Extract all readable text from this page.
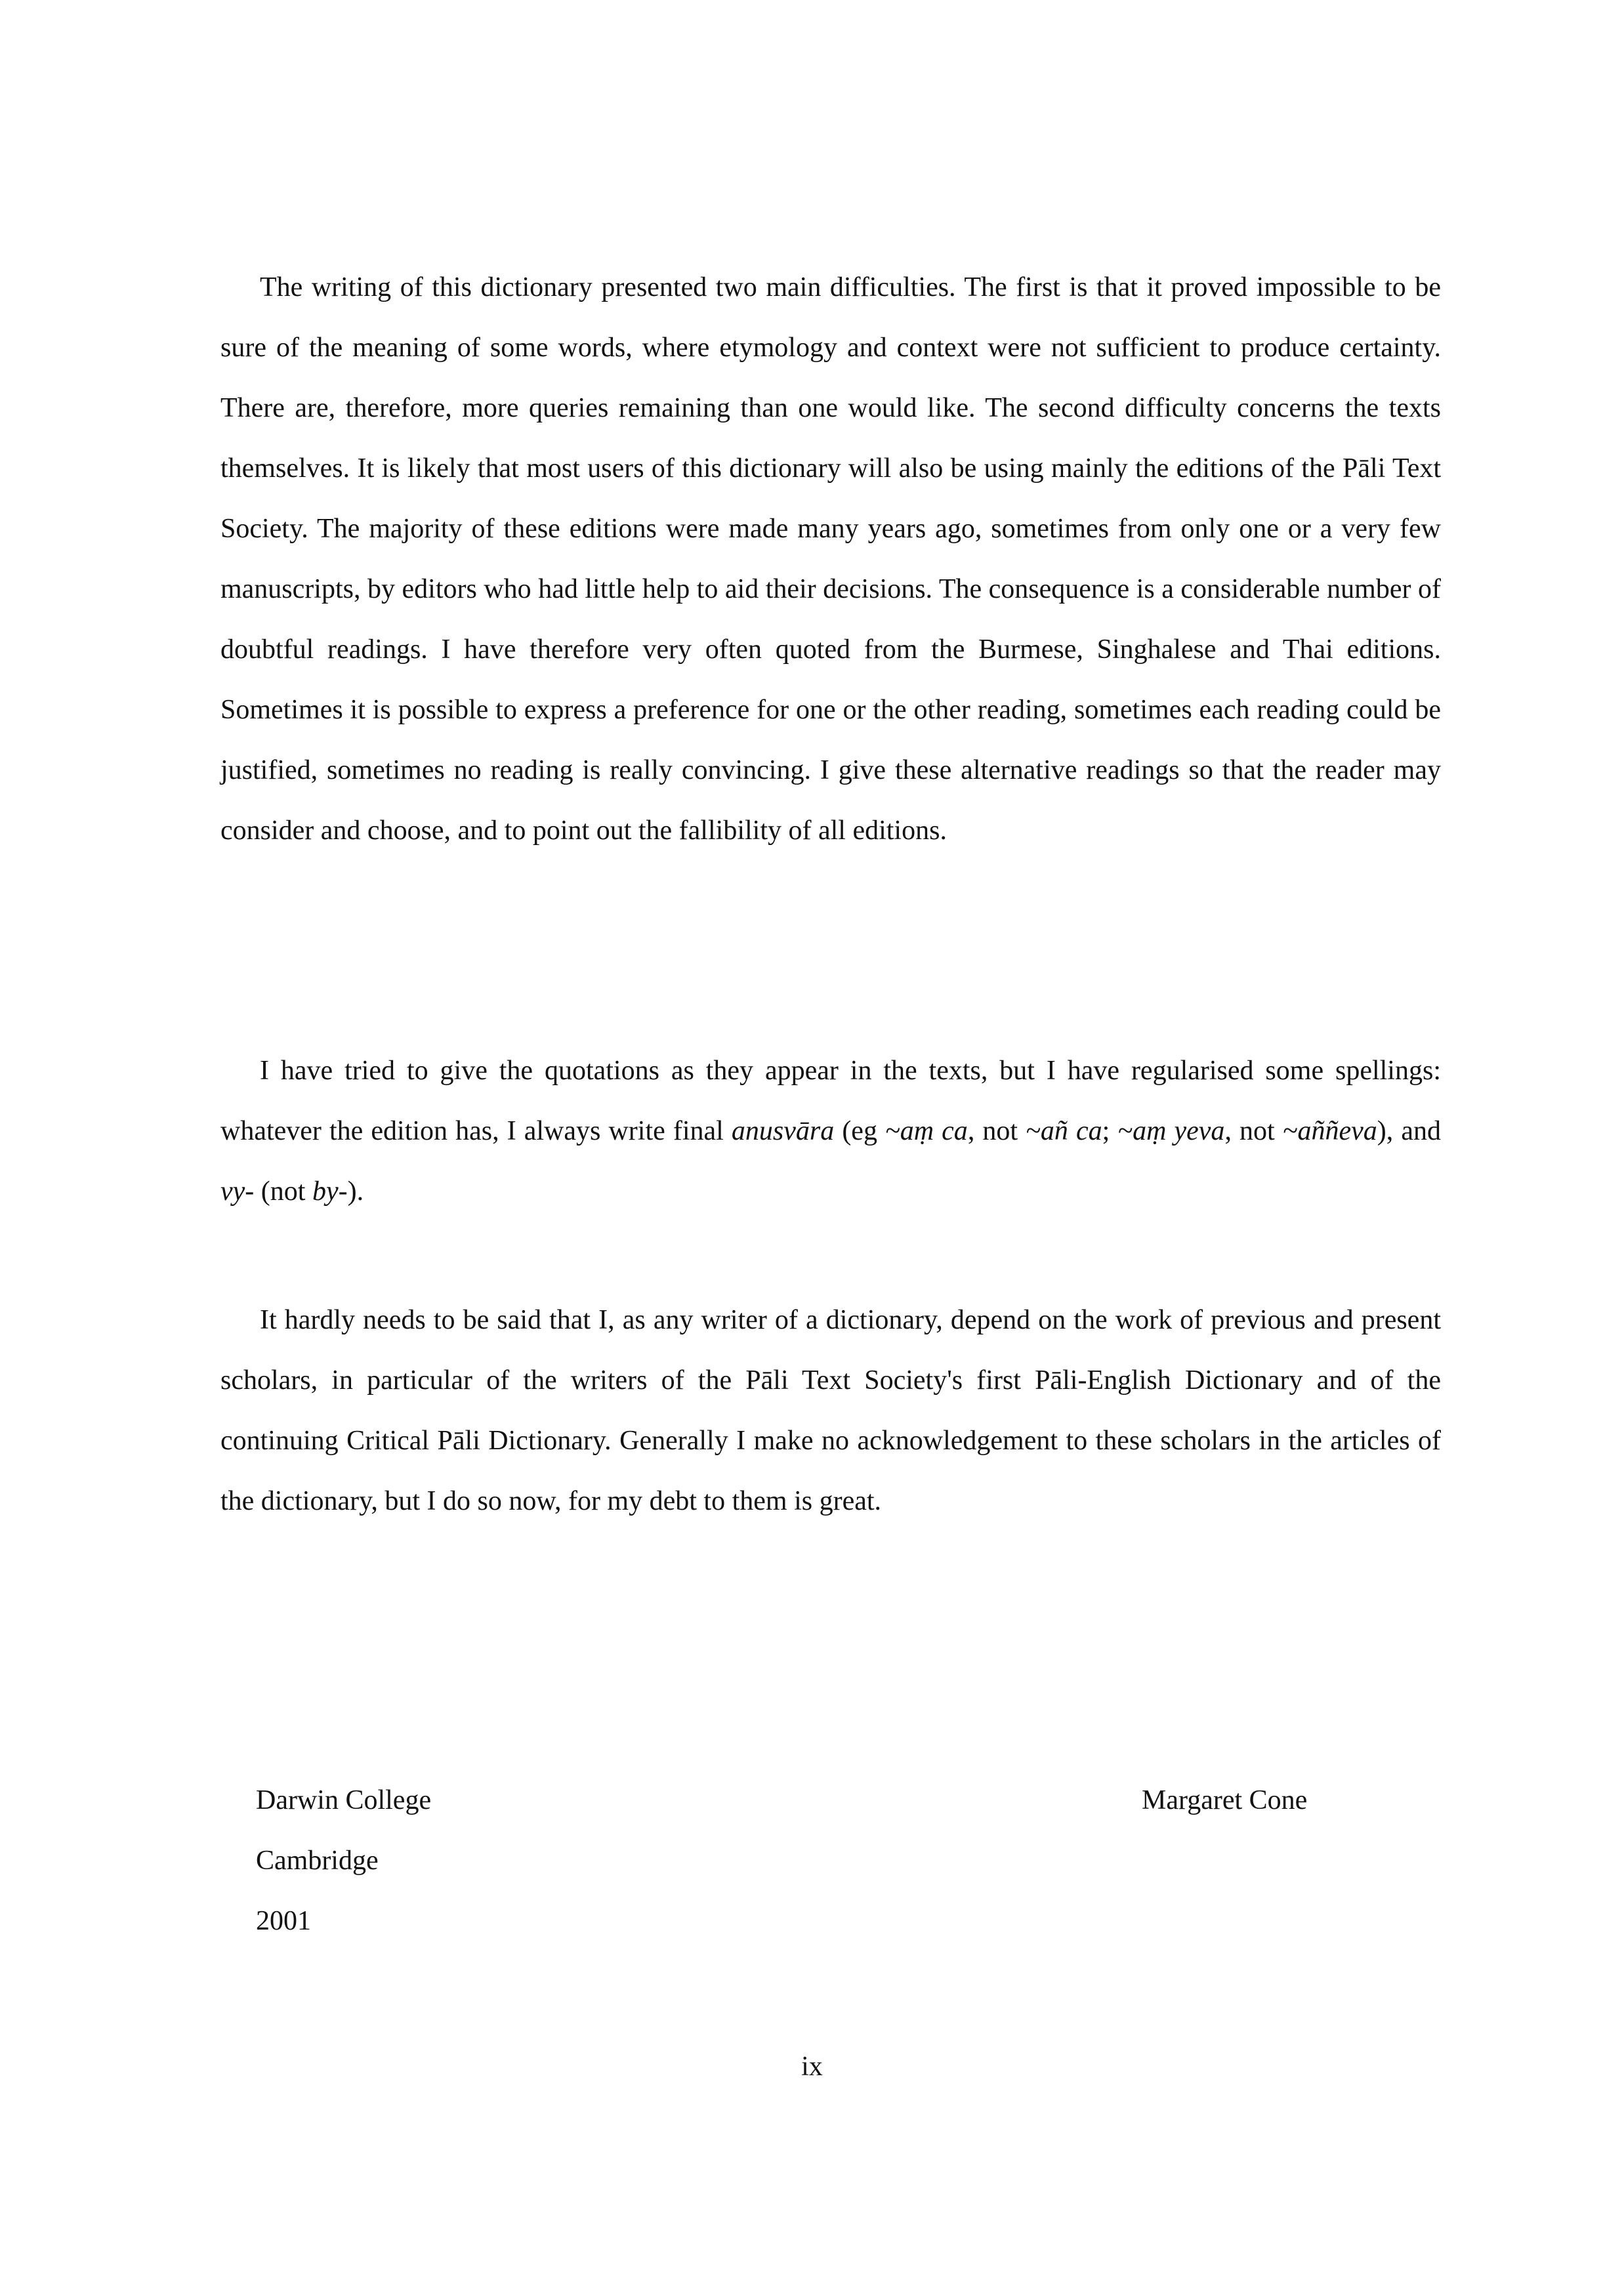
The writing of this dictionary presented two main difficulties. The first is that it proved impossible to be sure of the meaning of some words, where etymology and context were not sufficient to produce certainty. There are, therefore, more queries remaining than one would like. The second difficulty concerns the texts themselves. It is likely that most users of this dictionary will also be using mainly the editions of the Pāli Text Society. The majority of these editions were made many years ago, sometimes from only one or a very few manuscripts, by editors who had little help to aid their decisions. The consequence is a considerable number of doubtful readings. I have therefore very often quoted from the Burmese, Singhalese and Thai editions. Sometimes it is possible to express a preference for one or the other reading, sometimes each reading could be justified, sometimes no reading is really convincing. I give these alternative readings so that the reader may consider and choose, and to point out the fallibility of all editions.

I have tried to give the quotations as they appear in the texts, but I have regularised some spellings: whatever the edition has, I always write final anusvāra (eg ~aṃ ca, not ~añ ca; ~aṃ yeva, not ~aññeva), and vy- (not by-).

It hardly needs to be said that I, as any writer of a dictionary, depend on the work of previous and present scholars, in particular of the writers of the Pāli Text Society's first Pāli-English Dictionary and of the continuing Critical Pāli Dictionary. Generally I make no acknowledgement to these scholars in the articles of the dictionary, but I do so now, for my debt to them is great.

Darwin College
Cambridge
2001
Margaret Cone
ix
